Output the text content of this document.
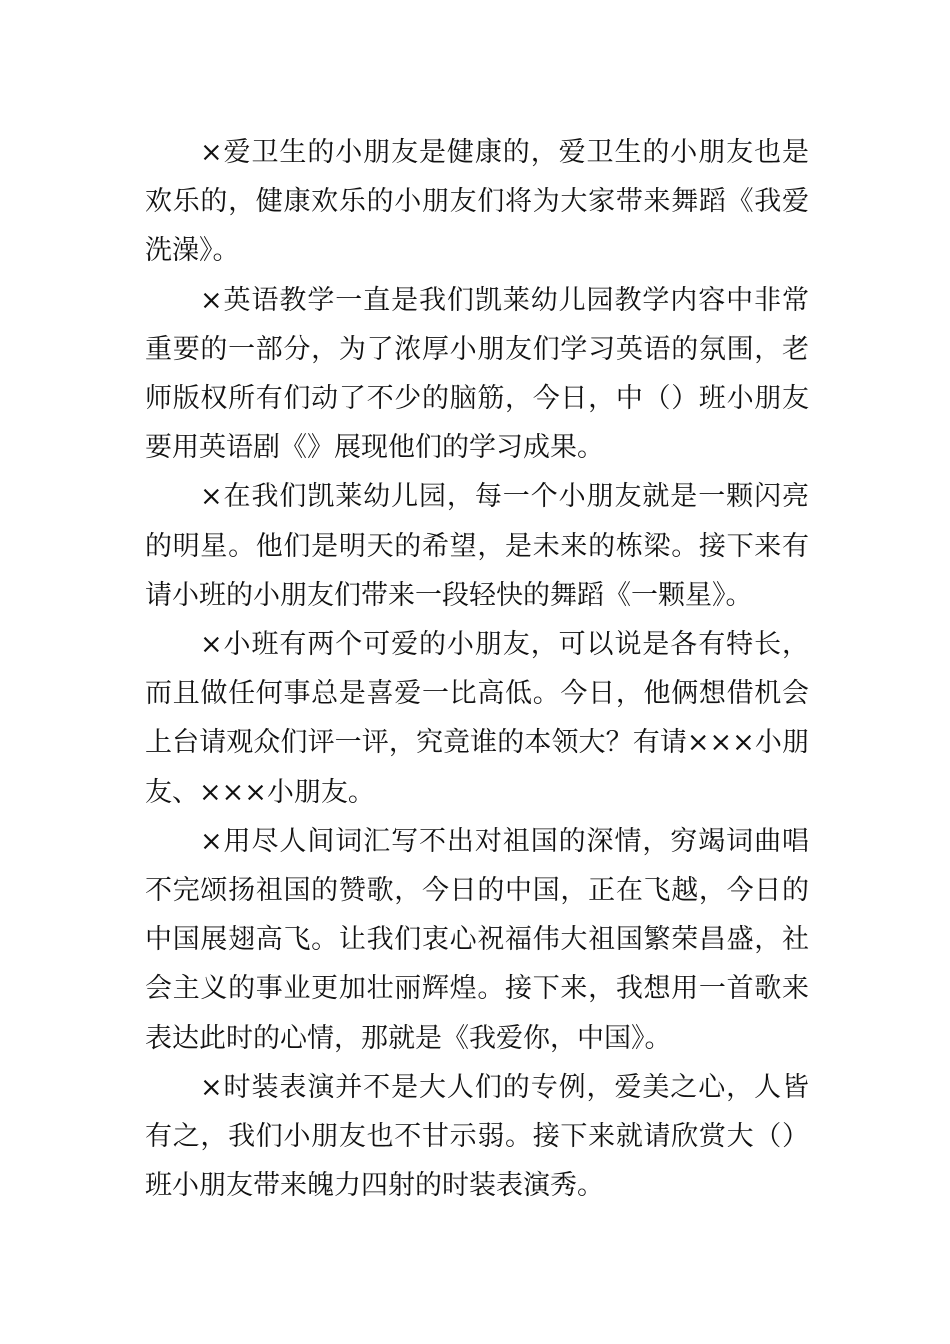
×爱卫生的小朋友是健康的，爱卫生的小朋友也是欢乐的，健康欢乐的小朋友们将为大家带来舞蹈《我爱洗澡》。

×英语教学一直是我们凯莱幼儿园教学内容中非常重要的一部分，为了浓厚小朋友们学习英语的氛围，老师版权所有们动了不少的脑筋，今日，中（）班小朋友要用英语剧《》展现他们的学习成果。

×在我们凯莱幼儿园，每一个小朋友就是一颗闪亮的明星。他们是明天的希望，是未来的栋梁。接下来有请小班的小朋友们带来一段轻快的舞蹈《一颗星》。

×小班有两个可爱的小朋友，可以说是各有特长，而且做任何事总是喜爱一比高低。今日，他俩想借机会上台请观众们评一评，究竟谁的本领大？有请×××小朋友、×××小朋友。

×用尽人间词汇写不出对祖国的深情，穷竭词曲唱不完颂扬祖国的赞歌，今日的中国，正在飞越，今日的中国展翅高飞。让我们衷心祝福伟大祖国繁荣昌盛，社会主义的事业更加壮丽辉煌。接下来，我想用一首歌来表达此时的心情，那就是《我爱你，中国》。

×时装表演并不是大人们的专例，爱美之心，人皆有之，我们小朋友也不甘示弱。接下来就请欣赏大（）班小朋友带来魄力四射的时装表演秀。
